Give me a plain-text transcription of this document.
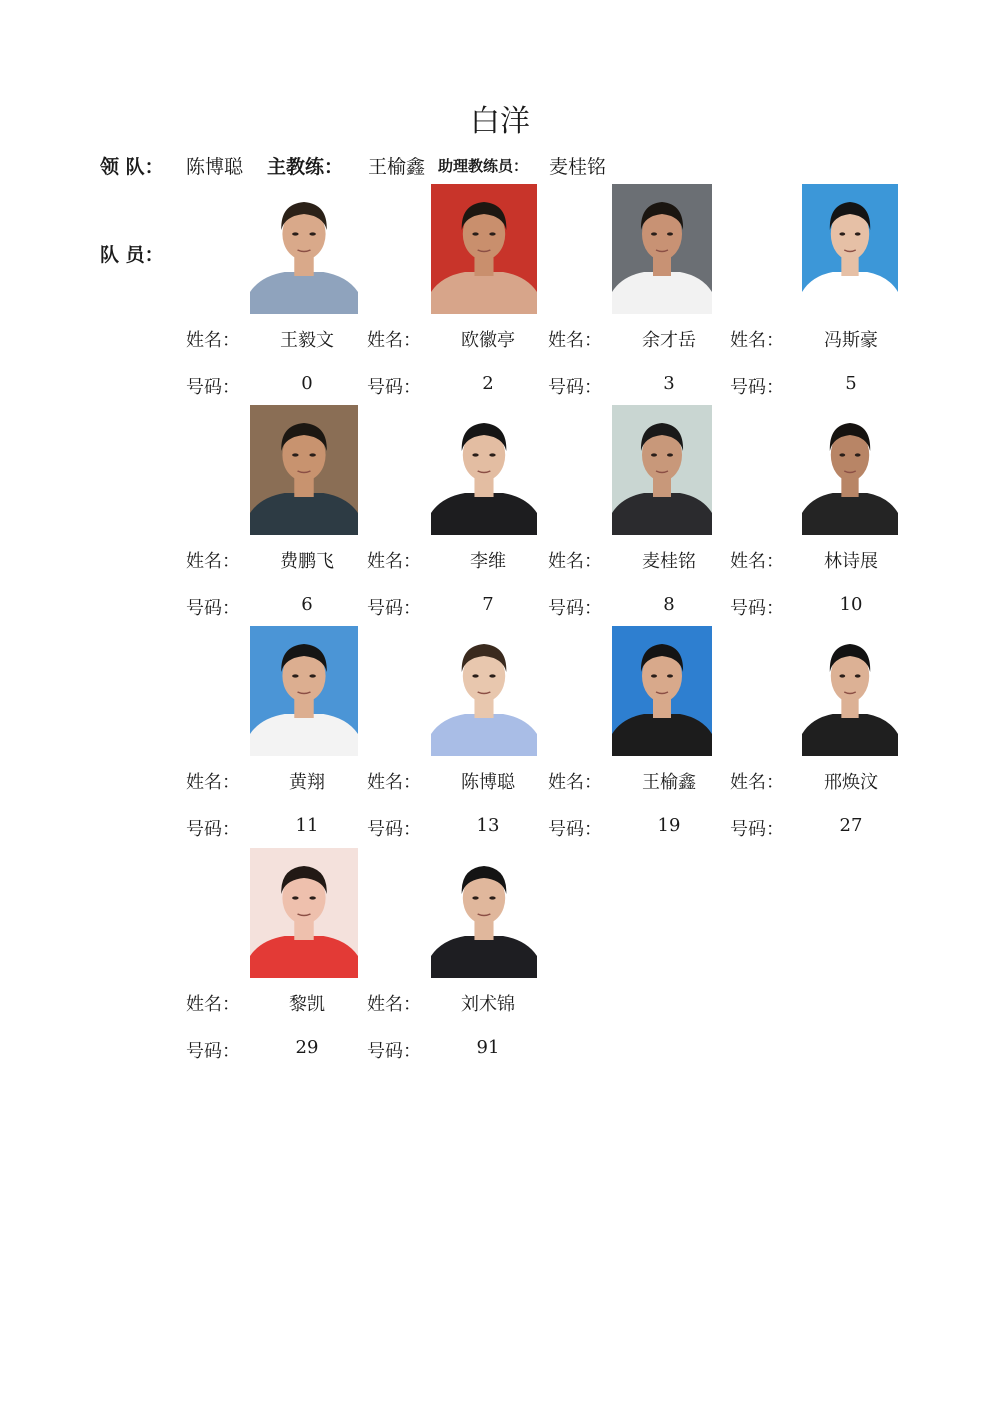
白洋
领 队： 陈博聪 主教练： 王榆鑫 助理教练员： 麦桂铭
队 员：
姓名：	王毅文
号码：	0
姓名：	欧徽亭
号码：	2
姓名：	余才岳
号码：	3
姓名：	冯斯豪
号码：	5
姓名：	费鹏飞
号码：	6
姓名：	李维
号码：	7
姓名：	麦桂铭
号码：	8
姓名：	林诗展
号码：	10
姓名：	黄翔
号码：	11
姓名：	陈博聪
号码：	13
姓名：	王榆鑫
号码：	19
姓名：	邢焕汶
号码：	27
姓名：	黎凯
号码：	29
姓名：	刘术锦
号码：	91
